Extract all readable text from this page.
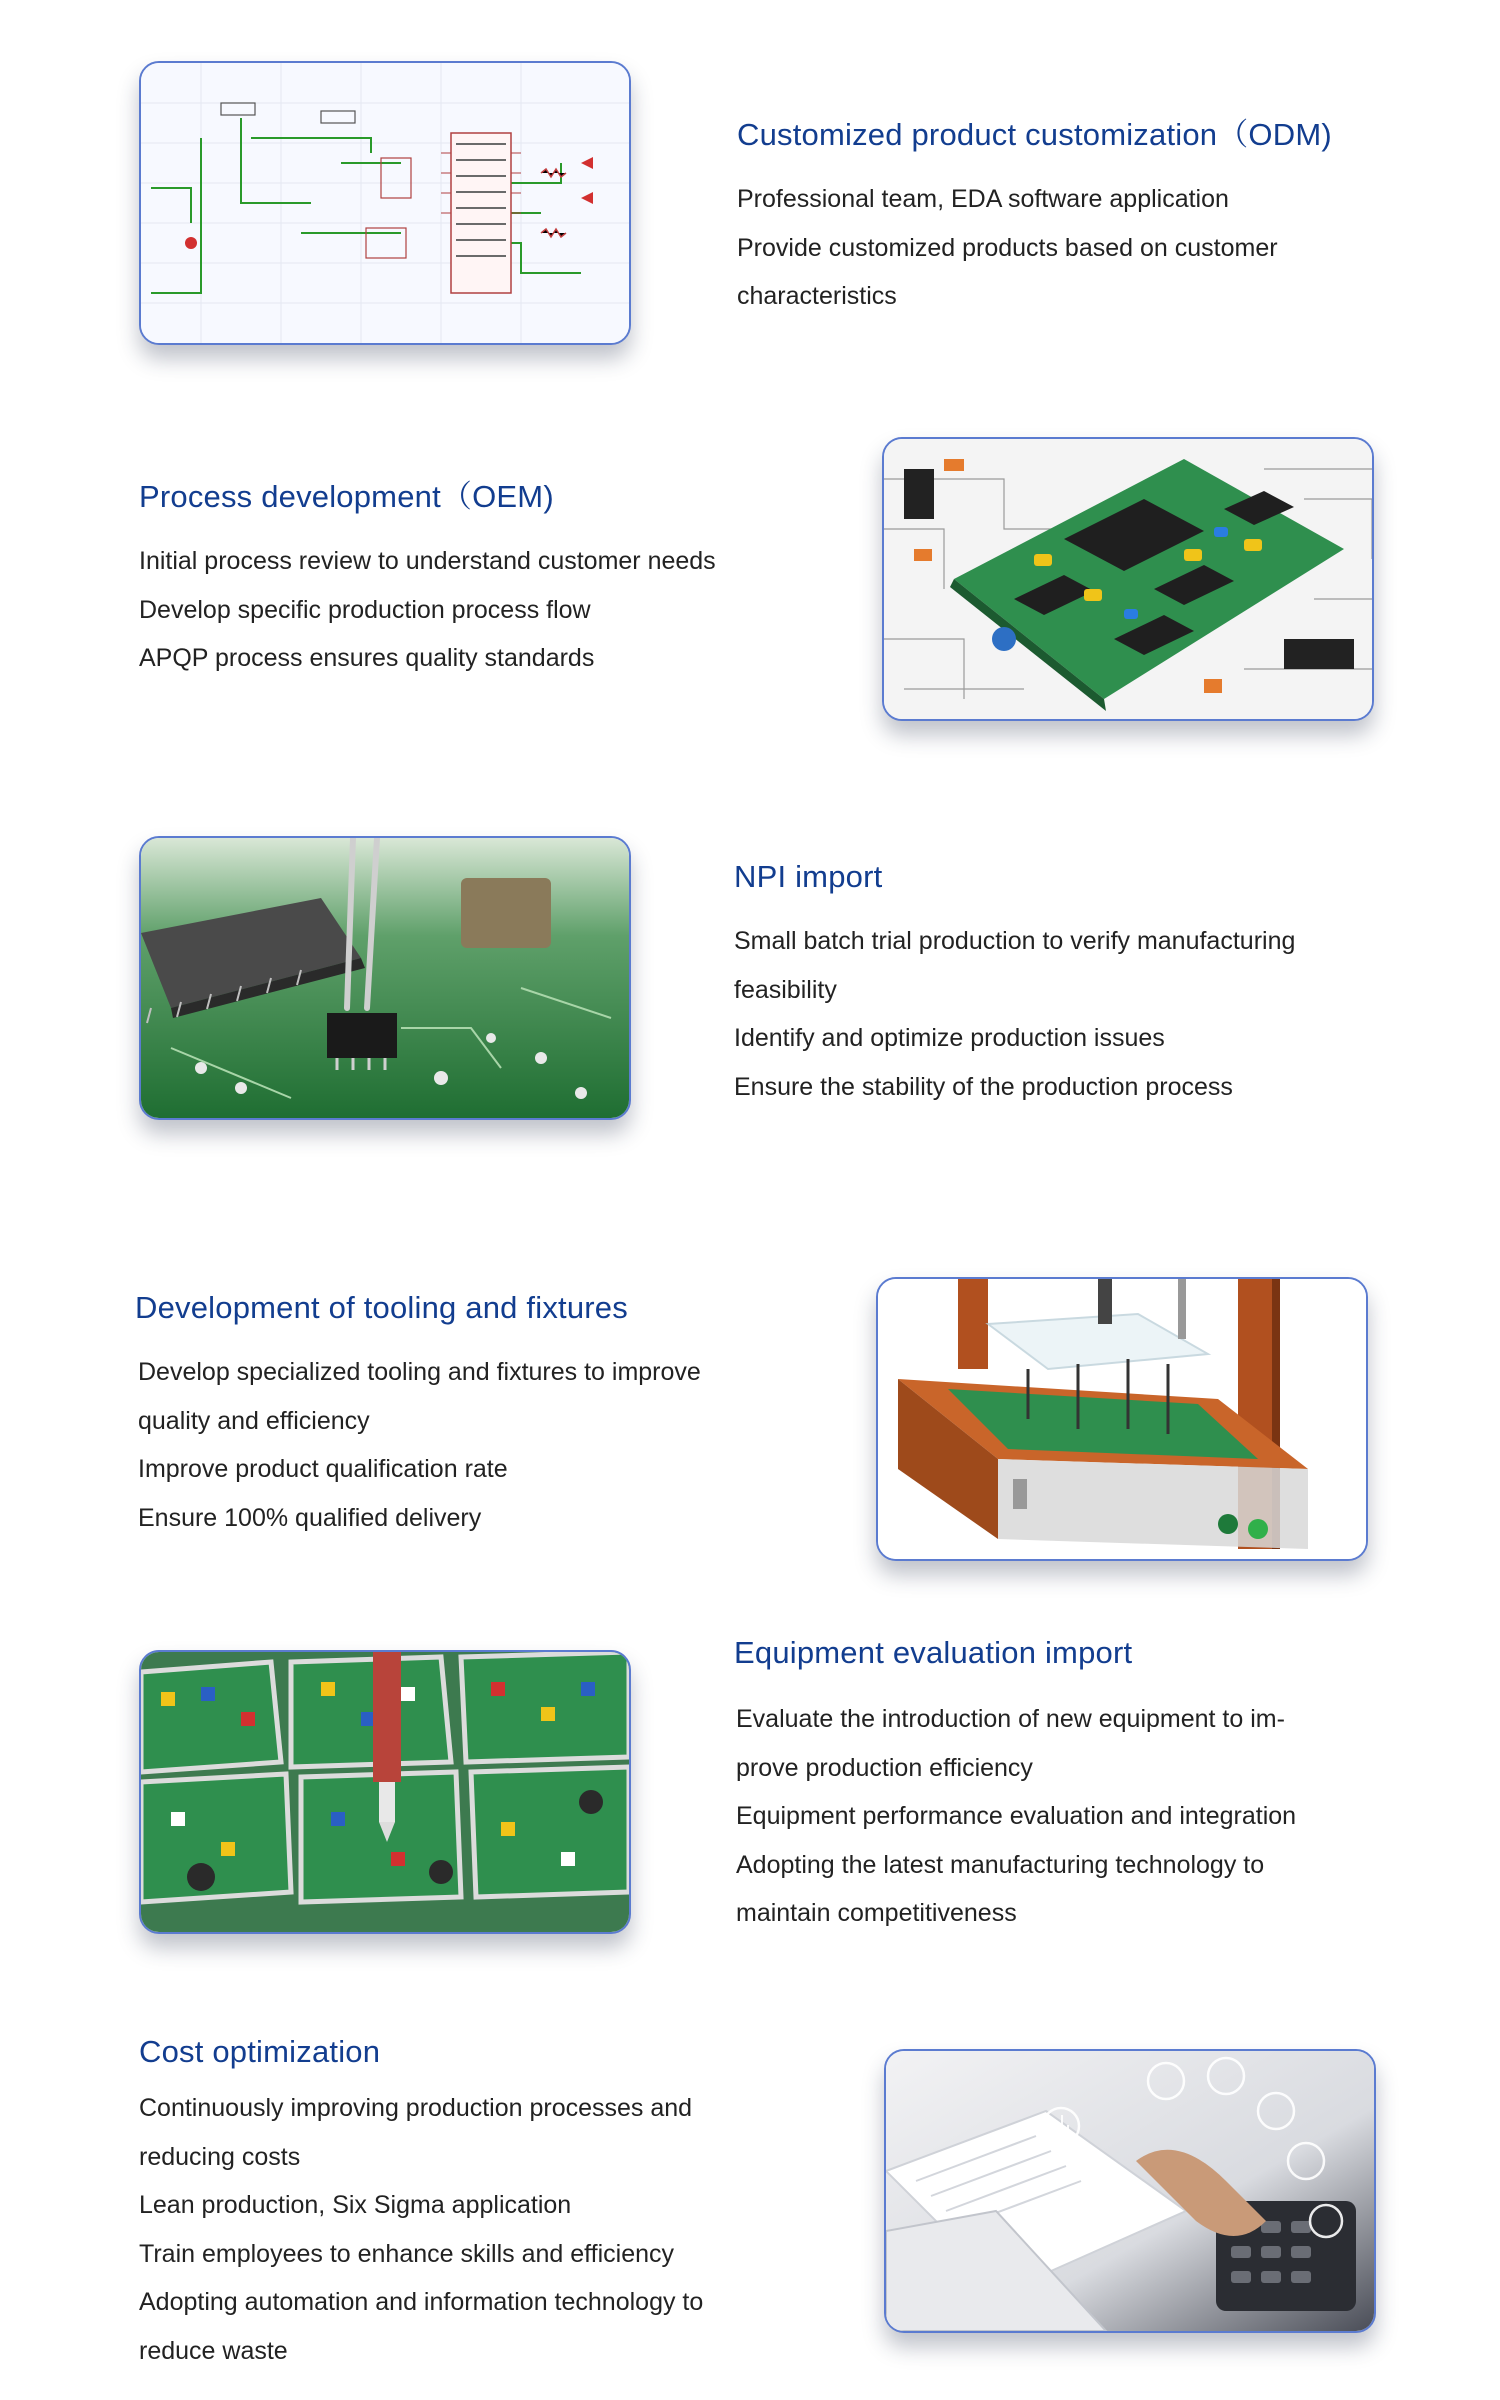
Customized product customization（ODM)

Professional team, EDA software application

Provide customized products based on customer

characteristics

Process development（OEM)

Initial process review to understand customer needs

Develop specific production process flow

APQP process ensures quality standards

NPI import

Small batch trial production to verify manufacturing

feasibility

Identify and optimize production issues

Ensure the stability of the production process

Development of tooling and fixtures

Develop specialized tooling and fixtures to improve

quality and efficiency

Improve product qualification rate

Ensure 100% qualified delivery

Equipment evaluation import

Evaluate the introduction of new equipment to im-

prove production efficiency

Equipment performance evaluation and integration

Adopting the latest manufacturing technology to

maintain competitiveness

Cost optimization

Continuously improving production processes and

reducing costs

Lean production, Six Sigma application

Train employees to enhance skills and efficiency

Adopting automation and information technology to

reduce waste
